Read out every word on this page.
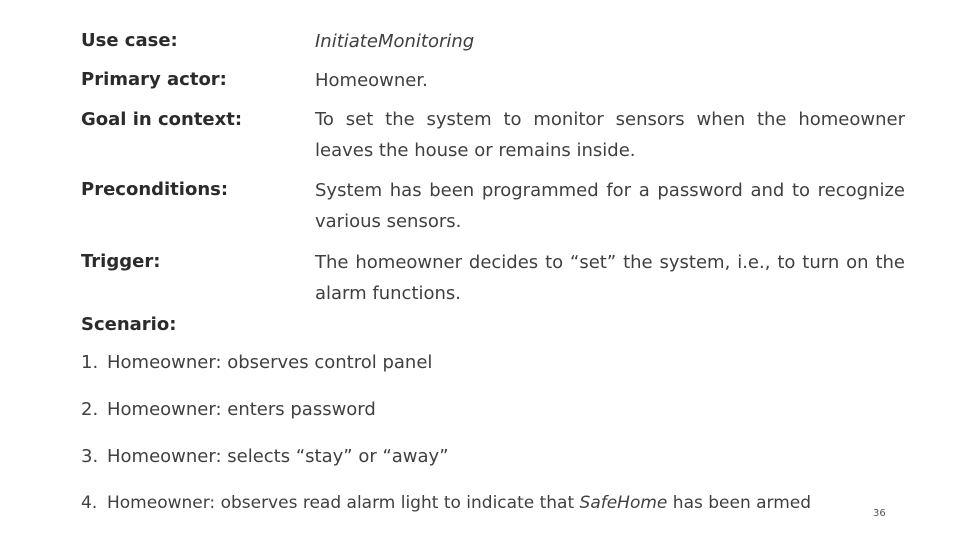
Use case:	InitiateMonitoring
Primary actor:	Homeowner.
Goal in context:	To set the system to monitor sensors when the homeowner leaves the house or remains inside.
Preconditions:	System has been programmed for a password and to recognize various sensors.
Trigger:	The homeowner decides to “set” the system, i.e., to turn on the alarm functions.
Scenario:
1. Homeowner: observes control panel
2. Homeowner: enters password
3. Homeowner: selects “stay” or “away”
4. Homeowner: observes read alarm light to indicate that SafeHome has been armed
36
